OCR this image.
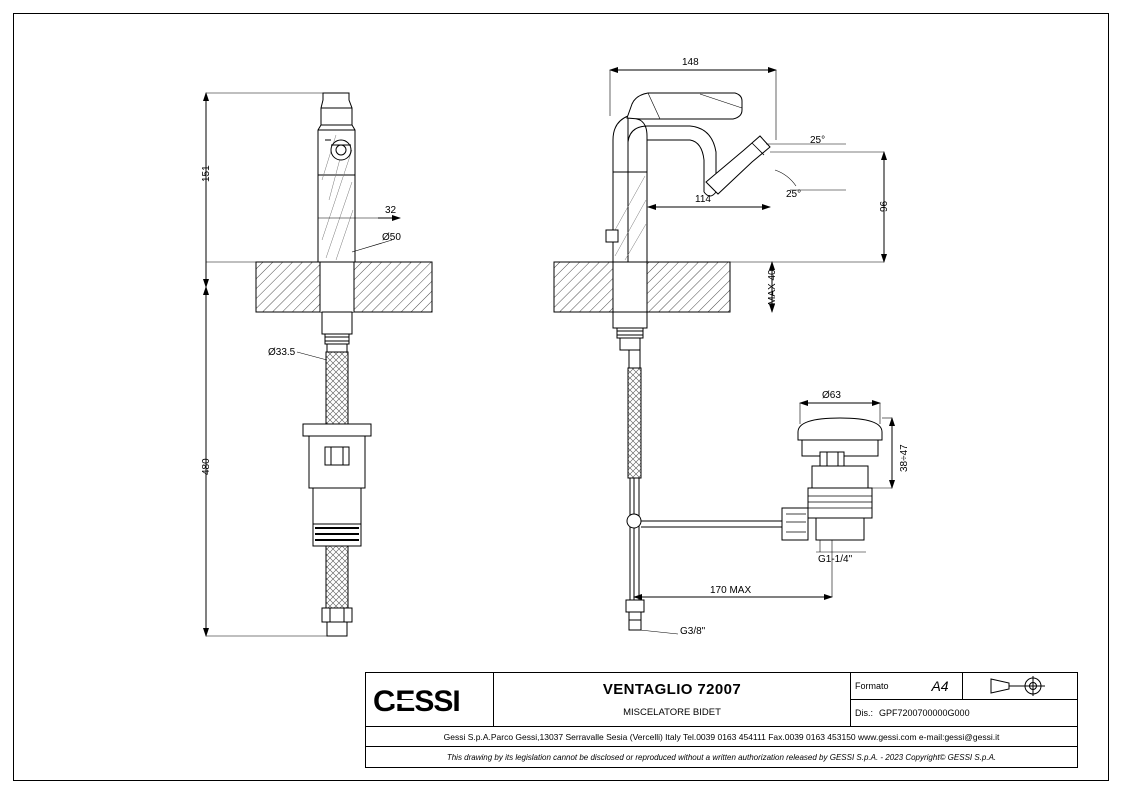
151
480
32
Ø50
Ø33.5
148
114
25°
25°
96
MAX 40
170 MAX
G3/8"
Ø63
38÷47
G1-1/4"
GESSI	VENTAGLIO 72007
MISCELATORE BIDET
Formato	A4
Dis.: GPF7200700000G000
Gessi S.p.A.Parco Gessi,13037 Serravalle Sesia (Vercelli) Italy Tel.0039 0163 454111 Fax.0039 0163 453150 www.gessi.com e-mail:gessi@gessi.it
This drawing by its legislation cannot be disclosed or reproduced without a written authorization released by GESSI S.p.A. - 2023 Copyright© GESSI S.p.A.
